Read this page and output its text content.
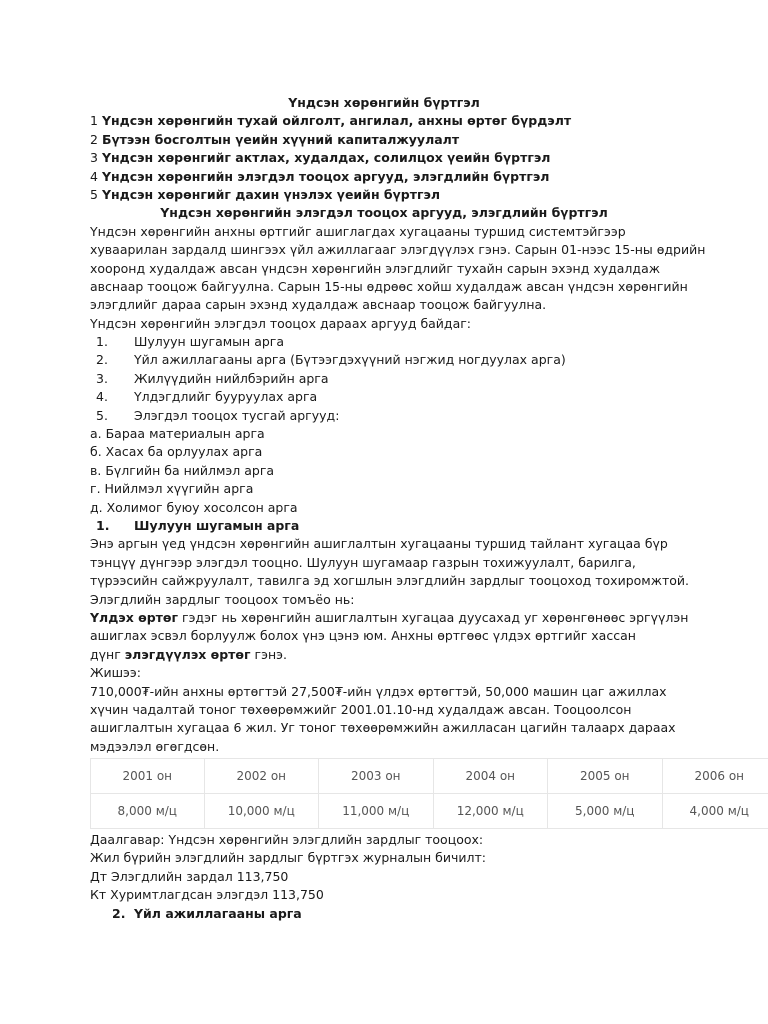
Үндсэн хөрөнгийн бүртгэл
1 Үндсэн хөрөнгийн тухай ойлголт, ангилал, анхны өртөг бүрдэлт
2 Бүтээн босголтын үеийн хүүний капиталжуулалт
3 Үндсэн хөрөнгийг актлах, худалдах, солилцох үеийн бүртгэл
4 Үндсэн хөрөнгийн элэгдэл тооцох аргууд, элэгдлийн бүртгэл
5 Үндсэн хөрөнгийг дахин үнэлэх үеийн бүртгэл
Үндсэн хөрөнгийн элэгдэл тооцох аргууд, элэгдлийн бүртгэл
Үндсэн хөрөнгийн анхны өртгийг ашиглагдах хугацааны туршид системтэйгээр
хуваарилан зардалд шингээх үйл ажиллагааг элэгдүүлэх гэнэ. Сарын 01-нээс 15-ны өдрийн
хооронд худалдаж авсан үндсэн хөрөнгийн элэгдлийг тухайн сарын эхэнд худалдаж
авснаар тооцож байгуулна. Сарын 15-ны өдрөөс хойш худалдаж авсан үндсэн хөрөнгийн
элэгдлийг дараа сарын эхэнд худалдаж авснаар тооцож байгуулна.
Үндсэн хөрөнгийн элэгдэл тооцох дараах аргууд байдаг:
1. Шулуун шугамын арга
2. Үйл ажиллагааны арга (Бүтээгдэхүүний нэгжид ногдуулах арга)
3. Жилүүдийн нийлбэрийн арга
4. Үлдэгдлийг бууруулах арга
5. Элэгдэл тооцох тусгай аргууд:
а. Бараа материалын арга
б. Хасах ба орлуулах арга
в. Бүлгийн ба нийлмэл арга
г. Нийлмэл хүүгийн арга
д. Холимог буюу хосолсон арга
1. Шулуун шугамын арга
Энэ аргын үед үндсэн хөрөнгийн ашиглалтын хугацааны туршид тайлант хугацаа бүр
тэнцүү дүнгээр элэгдэл тооцно. Шулуун шугамаар газрын тохижуулалт, барилга,
түрээсийн сайжруулалт, тавилга эд хогшлын элэгдлийн зардлыг тооцоход тохиромжтой.
Элэгдлийн зардлыг тооцоох томъёо нь:
Үлдэх өртөг гэдэг нь хөрөнгийн ашиглалтын хугацаа дуусахад уг хөрөнгөнөөс эргүүлэн
ашиглах эсвэл борлуулж болох үнэ цэнэ юм. Анхны өртгөөс үлдэх өртгийг хассан
дүнг элэгдүүлэх өртөг гэнэ.
Жишээ:
710,000₮-ийн анхны өртөгтэй 27,500₮-ийн үлдэх өртөгтэй, 50,000 машин цаг ажиллах
хүчин чадалтай тоног төхөөрөмжийг 2001.01.10-нд худалдаж авсан. Тооцоолсон
ашиглалтын хугацаа 6 жил. Уг тоног төхөөрөмжийн ажилласан цагийн талаарх дараах
мэдээлэл өгөгдсөн.
2001 он	2002 он	2003 он	2004 он	2005 он	2006 он
8,000 м/ц	10,000 м/ц	11,000 м/ц	12,000 м/ц	5,000 м/ц	4,000 м/ц
Даалгавар: Үндсэн хөрөнгийн элэгдлийн зардлыг тооцоох:
Жил бүрийн элэгдлийн зардлыг бүртгэх журналын бичилт:
Дт Элэгдлийн зардал 113,750
Кт Хуримтлагдсан элэгдэл 113,750
2. Үйл ажиллагааны арга
